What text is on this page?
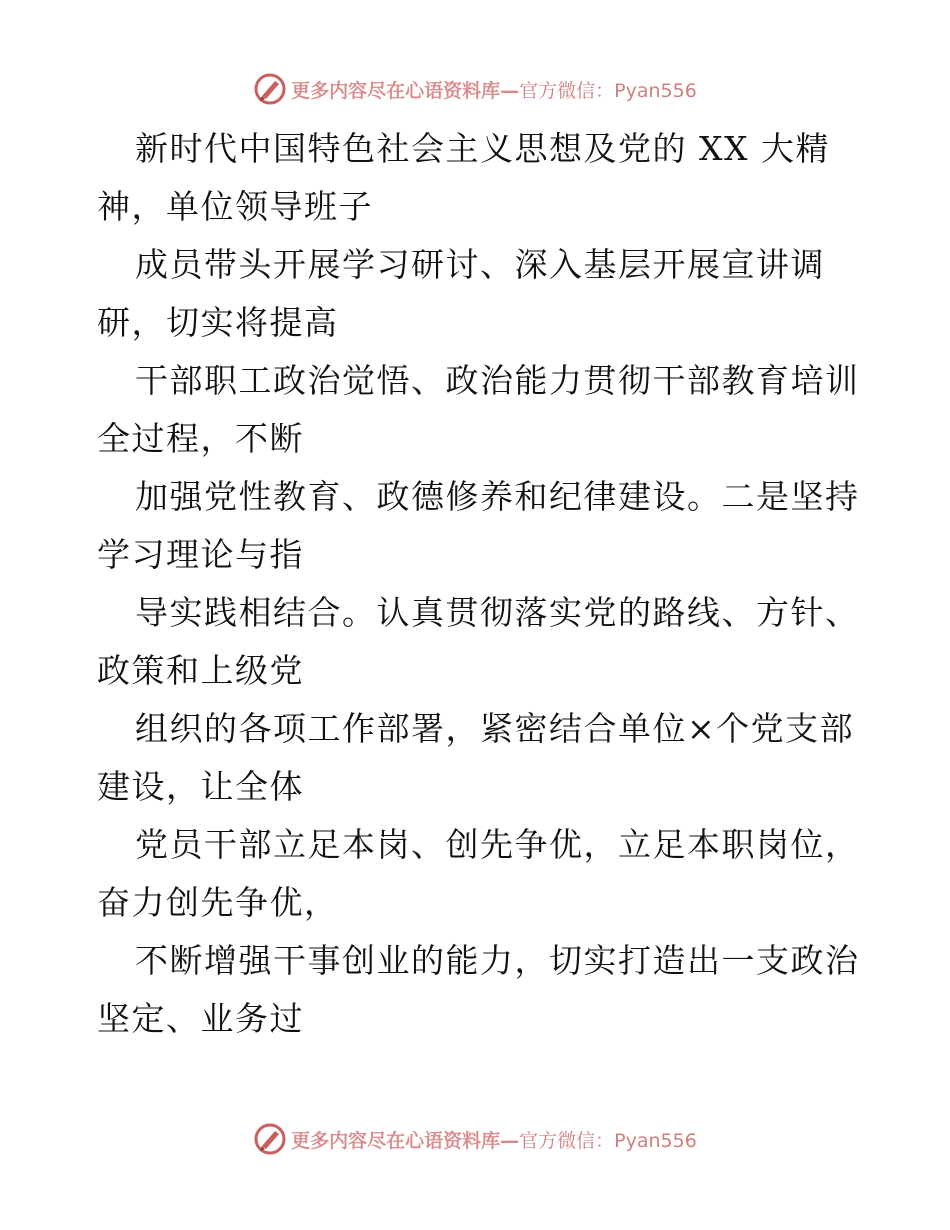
更多内容尽在心语资料库— 官方微信：Pyan556

新时代中国特色社会主义思想及党的 XX 大精
神，单位领导班子

成员带头开展学习研讨、深入基层开展宣讲调
研，切实将提高

干部职工政治觉悟、政治能力贯彻干部教育培训
全过程，不断

加强党性教育、政德修养和纪律建设。二是坚持
学习理论与指

导实践相结合。认真贯彻落实党的路线、方针、
政策和上级党

组织的各项工作部署，紧密结合单位×个党支部
建设，让全体

党员干部立足本岗、创先争优，立足本职岗位，
奋力创先争优，

不断增强干事创业的能力，切实打造出一支政治
坚定、业务过

更多内容尽在心语资料库— 官方微信：Pyan556
